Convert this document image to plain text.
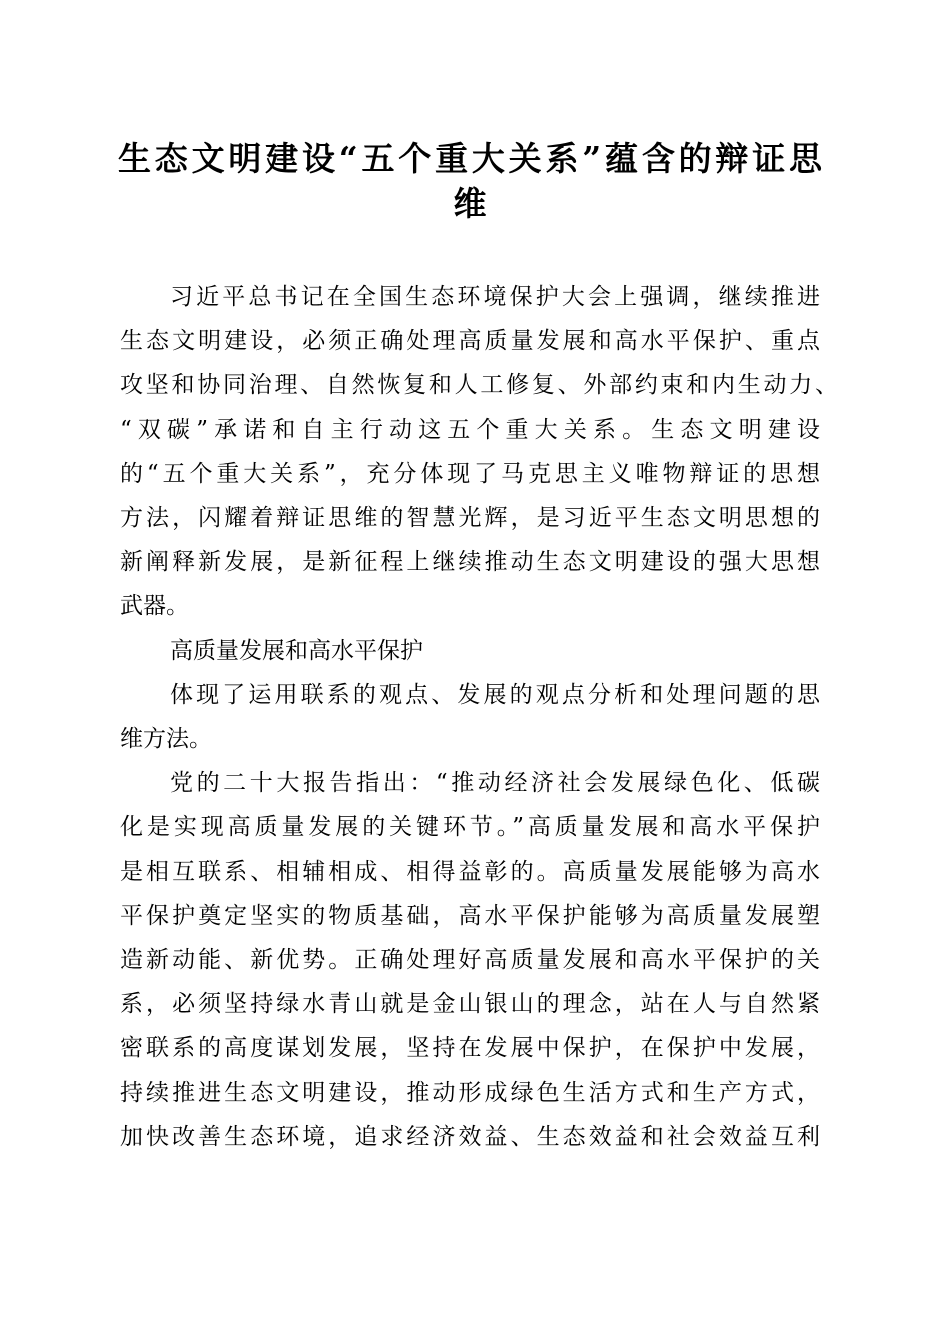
生态文明建设“五个重大关系”蕴含的辩证思
维
习近平总书记在全国生态环境保护大会上强调，继续推进
生态文明建设，必须正确处理高质量发展和高水平保护、重点
攻坚和协同治理、自然恢复和人工修复、外部约束和内生动力、
“双碳”承诺和自主行动这五个重大关系。生态文明建设
的“五个重大关系”，充分体现了马克思主义唯物辩证的思想
方法，闪耀着辩证思维的智慧光辉，是习近平生态文明思想的
新阐释新发展，是新征程上继续推动生态文明建设的强大思想
武器。
高质量发展和高水平保护
体现了运用联系的观点、发展的观点分析和处理问题的思
维方法。
党的二十大报告指出：“推动经济社会发展绿色化、低碳
化是实现高质量发展的关键环节。”高质量发展和高水平保护
是相互联系、相辅相成、相得益彰的。高质量发展能够为高水
平保护奠定坚实的物质基础，高水平保护能够为高质量发展塑
造新动能、新优势。正确处理好高质量发展和高水平保护的关
系，必须坚持绿水青山就是金山银山的理念，站在人与自然紧
密联系的高度谋划发展，坚持在发展中保护，在保护中发展，
持续推进生态文明建设，推动形成绿色生活方式和生产方式，
加快改善生态环境，追求经济效益、生态效益和社会效益互利
